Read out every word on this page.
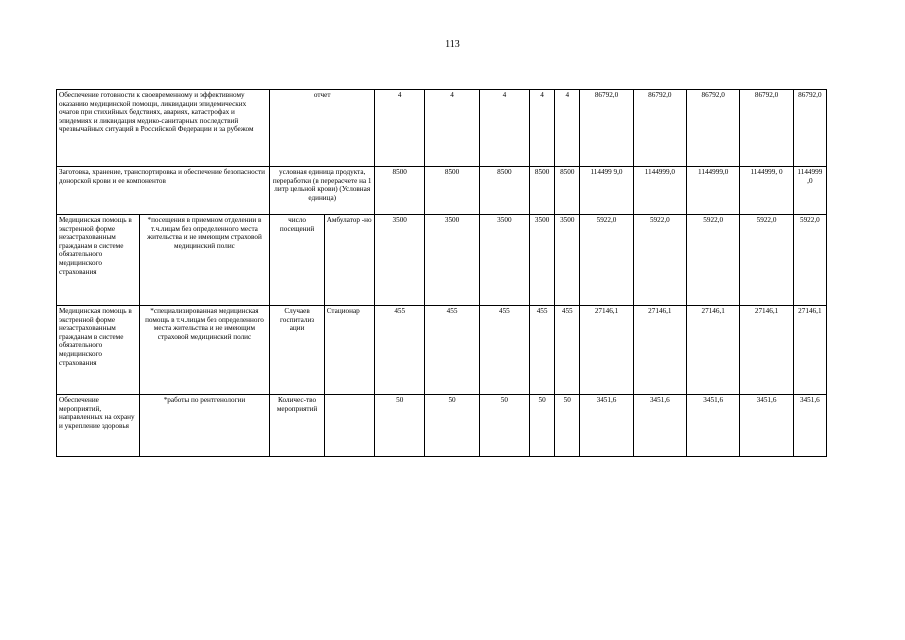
113
Обеспечение готовности к своевременному и эффективному оказанию медицинской помощи, ликвидации эпидемических очагов при стихийных бедствиях, авариях, катастрофах и эпидемиях и ликвидация медико-санитарных последствий чрезвычайных ситуаций в Российской Федерации и за рубежом		отчет		4	4	4	4	4	86792,0	86792,0	86792,0	86792,0	86792,0
Заготовка, хранение, транспортировка и обеспечение безопасности донорской крови и ее компонентов		условная единица продукта, переработки (в перерасчете на 1 литр цельной крови) (Условная единица)		8500	8500	8500	8500	8500	114499 9,0	1144999,0	1144999,0	1144999, 0	1144999 ,0
Медицинская помощь в экстренной форме незастрахованным гражданам в системе обязательного медицинского страхования	*посещения в приемном отделении в т.ч.лицам без определенного места жительства и не имеющим страховой медицинский полис	число посещений	Амбулатор -но	3500	3500	3500	3500	3500	5922,0	5922,0	5922,0	5922,0	5922,0
Медицинская помощь в экстренной форме незастрахованным гражданам в системе обязательного медицинского страхования	*специализированная медицинская помощь в т.ч.лицам без определенного места жительства и не имеющим страховой медицинский полис	Случаев госпитализ ации	Стационар	455	455	455	455	455	27146,1	27146,1	27146,1	27146,1	27146,1
Обеспечение мероприятий, направленных на охрану и укрепление здоровья	*работы по рентгенологии	Количес-тво мероприятий		50	50	50	50	50	3451,6	3451,6	3451,6	3451,6	3451,6
